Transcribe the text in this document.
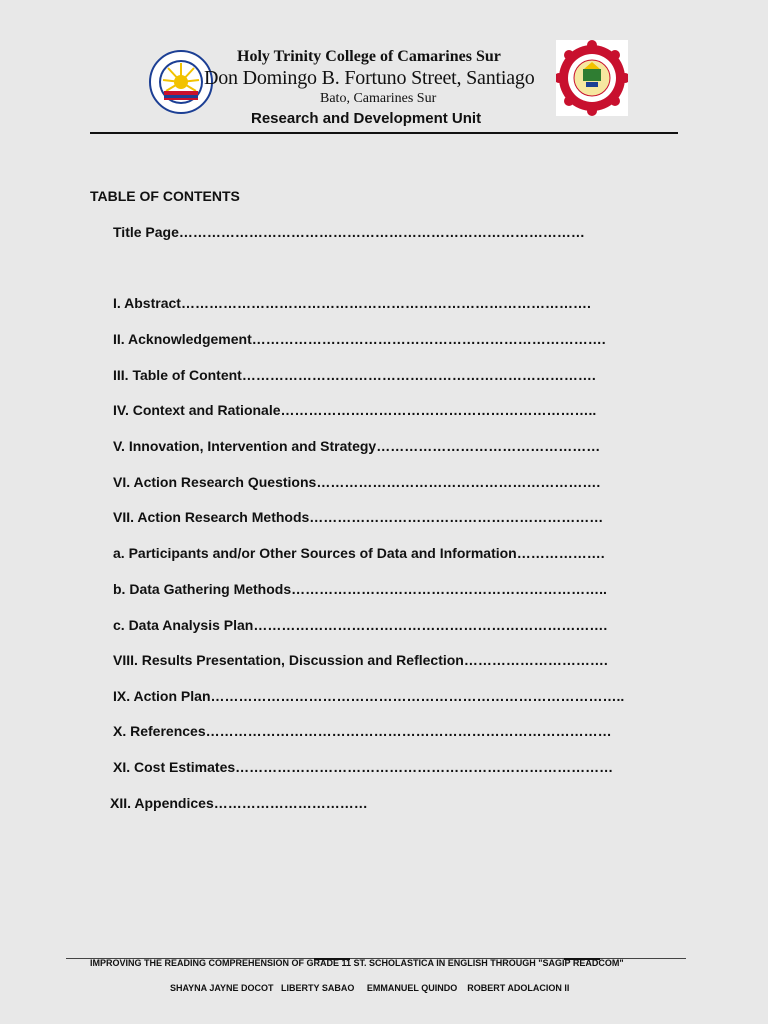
Holy Trinity College of Camarines Sur
Don Domingo B. Fortuno Street, Santiago
Bato, Camarines Sur
Research and Development Unit
TABLE OF CONTENTS
Title Page……………………………………………………………………………
I. Abstract…………………………………………………………………………….
II. Acknowledgement………………………………………………………………….
III. Table of Content………………………………………………………………….
IV. Context and Rationale…………………………………………………………..
V. Innovation, Intervention and Strategy…………………………………………
VI. Action Research Questions…………………………………………………….
VII. Action Research Methods………………………………………………………
a. Participants and/or Other Sources of Data and Information……………….
b. Data Gathering Methods…………………………………………………………..
c. Data Analysis Plan………………………………………………………………….
VIII. Results Presentation, Discussion and Reflection………………………….
IX. Action Plan……………………………………………………………………………..
X. References……………………………………………………………………………
XI. Cost Estimates………………………………………………………………………
XII. Appendices……………………………
IMPROVING THE READING COMPREHENSION OF GRADE 11 ST. SCHOLASTICA IN ENGLISH THROUGH "SAGIP READCOM"
SHAYNA JAYNE DOCOT   LIBERTY SABAO     EMMANUEL QUINDO    ROBERT ADOLACION II
